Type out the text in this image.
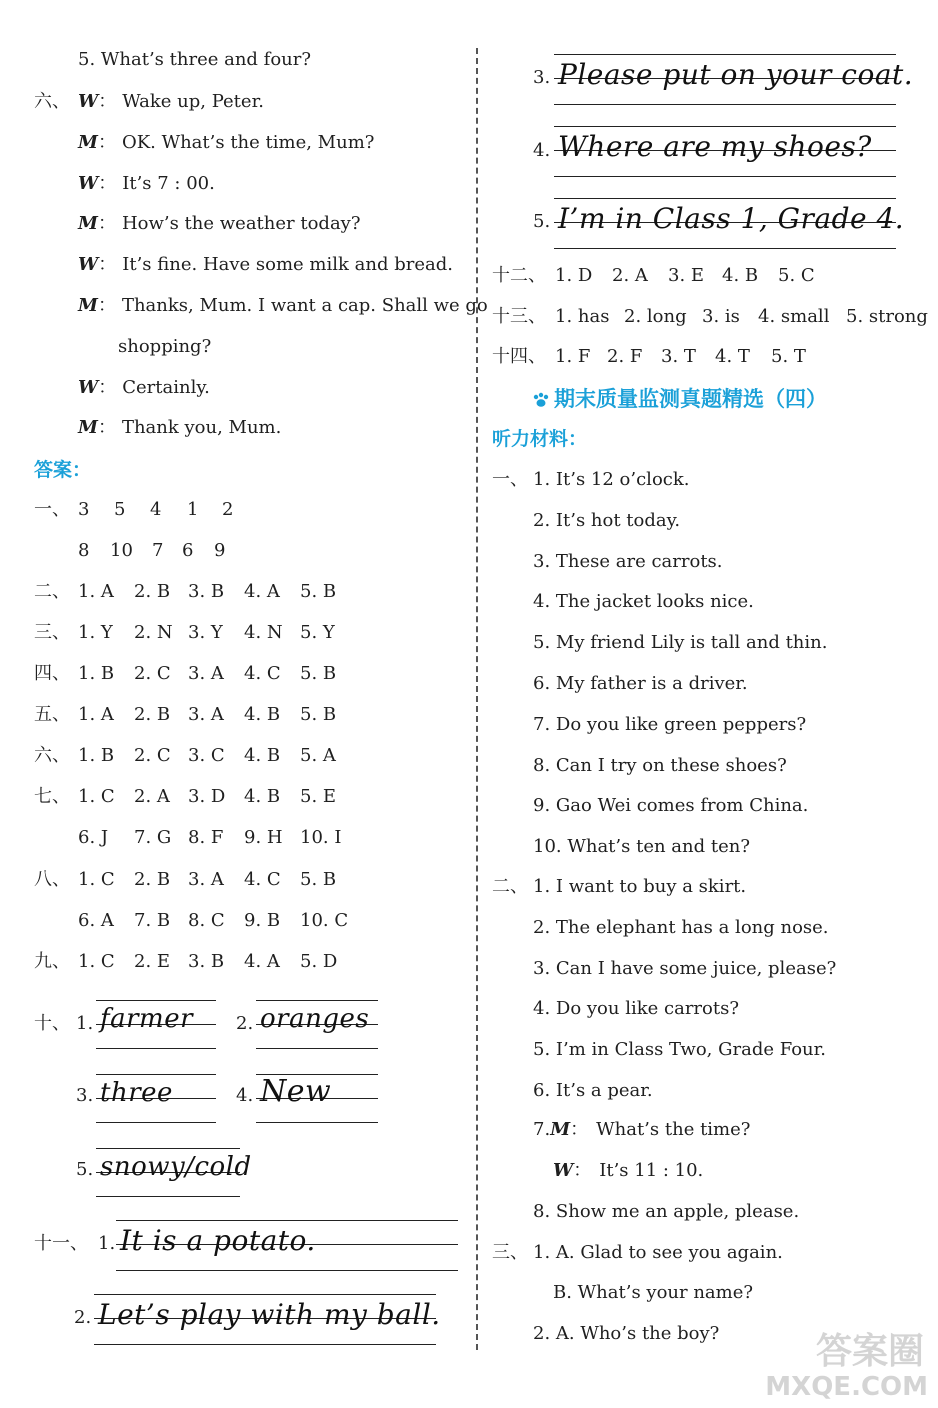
5. What’s three and four?
六、 W： Wake up, Peter.
M： OK. What’s the time, Mum?
W： It’s 7 : 00.
M： How’s the weather today?
W： It’s fine. Have some milk and bread.
M： Thanks, Mum. I want a cap. Shall we go
shopping?
W： Certainly.
M： Thank you, Mum.
答案：
一、 3 5 4 1 2
8 10 7 6 9
二、 1. A 2. B 3. B 4. A 5. B
三、 1. Y 2. N 3. Y 4. N 5. Y
四、 1. B 2. C 3. A 4. C 5. B
五、 1. A 2. B 3. A 4. B 5. B
六、 1. B 2. C 3. C 4. B 5. A
七、 1. C 2. A 3. D 4. B 5. E
6. J 7. G 8. F 9. H 10. I
八、 1. C 2. B 3. A 4. C 5. B
6. A 7. B 8. C 9. B 10. C
九、 1. C 2. E 3. B 4. A 5. D
十、 1. farmer 2. oranges
3. three	4. New
5. snowy/cold
十一、 1. It is a potato.
2. Let’s play with my ball.
3. Please put on your coat.
4. Where are my shoes?
5. I’m in Class 1, Grade 4.
十二、 1. D 2. A 3. E 4. B 5. C
十三、 1. has 2. long 3. is 4. small 5. strong
十四、 1. F 2. F 3. T 4. T 5. T
期末质量监测真题精选（四）
听力材料：
一、 1. It’s 12 o’clock.
2. It’s hot today.
3. These are carrots.
4. The jacket looks nice.
5. My friend Lily is tall and thin.
6. My father is a driver.
7. Do you like green peppers?
8. Can I try on these shoes?
9. Gao Wei comes from China.
10. What’s ten and ten?
二、 1. I want to buy a skirt.
2. The elephant has a long nose.
3. Can I have some juice, please?
4. Do you like carrots?
5. I’m in Class Two, Grade Four.
6. It’s a pear.
7.M： What’s the time?
W： It’s 11 : 10.
8. Show me an apple, please.
三、 1. A. Glad to see you again.
B. What’s your name?
2. A. Who’s the boy?	答案圈
MXQE.COM
